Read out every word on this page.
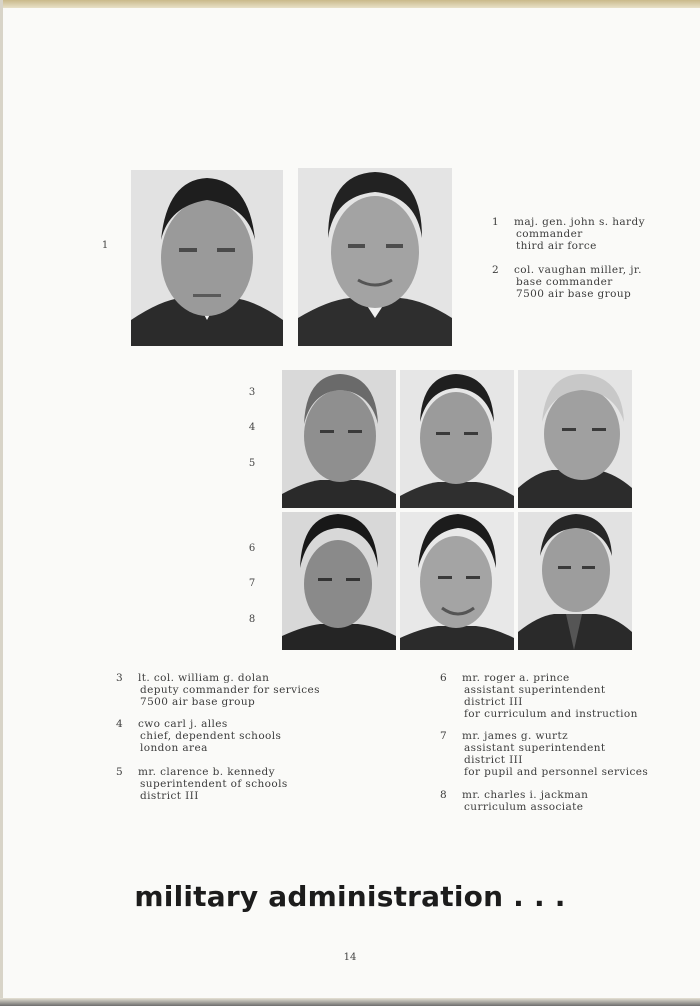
1
1 maj. gen. john s. hardy
commander
third air force
2 col. vaughan miller, jr.
base commander
7500 air base group
3
4
5
6
7
8
3 lt. col. william g. dolan
deputy commander for services
7500 air base group
4 cwo carl j. alles
chief, dependent schools
london area
5 mr. clarence b. kennedy
superintendent of schools
district III
6 mr. roger a. prince
assistant superintendent
district III
for curriculum and instruction
7 mr. james g. wurtz
assistant superintendent
district III
for pupil and personnel services
8 mr. charles i. jackman
curriculum associate
military administration . . .
14
